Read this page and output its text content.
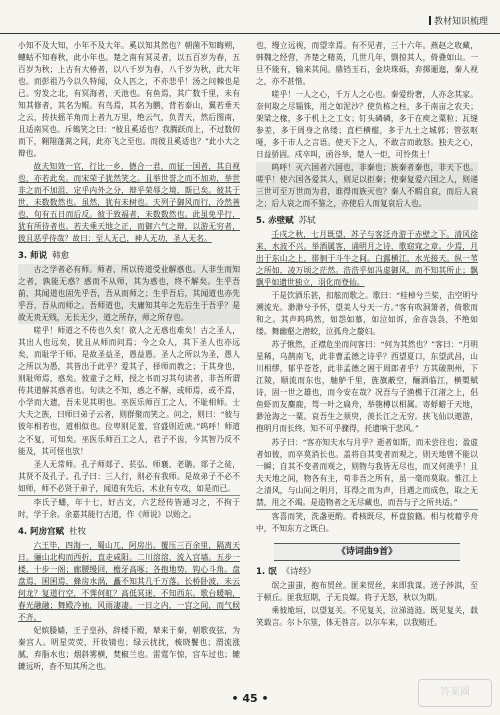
教材知识梳理

小知不及大知，小年不及大年。奚以知其然也？朝菌不知晦朔，蟪蛄不知春秋，此小年也。楚之南有冥灵者，以五百岁为春，五百岁为秋；上古有大椿者，以八千岁为春，八千岁为秋，此大年也。而彭祖乃今以久特闻，众人匹之，不亦悲乎！汤之问棘也是已。穷发之北，有冥海者，天池也。有鱼焉，其广数千里，未有知其修者，其名为鲲。有鸟焉，其名为鹏，背若泰山，翼若垂天之云，抟扶摇羊角而上者九万里，绝云气，负青天，然后图南，且适南冥也。斥鴳笑之曰：“彼且奚适也？我腾跃而上，不过数仞而下，翱翔蓬蒿之间，此亦飞之至也。而彼且奚适也？”此小大之辩也。

故夫知效一官，行比一乡，德合一君，而征一国者，其自视也，亦若此矣。而宋荣子犹然笑之。且举世誉之而不加劝，举世非之而不加沮，定乎内外之分，辩乎荣辱之境，斯已矣。彼其于世，未数数然也。虽然，犹有未树也。夫列子御风而行，泠然善也，旬有五日而后反。彼于致福者，未数数然也。此虽免乎行，犹有所待者也。若夫乘天地之正，而御六气之辩，以游无穷者，彼且恶乎待哉？故曰：至人无己，神人无功，圣人无名。

3. 师说 韩愈

古之学者必有师。师者，所以传道受业解惑也。人非生而知之者，孰能无惑？惑而不从师，其为惑也，终不解矣。生乎吾前，其闻道也固先乎吾，吾从而师之；生乎吾后，其闻道也亦先乎吾，吾从而师之。吾师道也，夫庸知其年之先后生于吾乎？是故无贵无贱，无长无少，道之所存，师之所存也。

嗟乎！师道之不传也久矣！欲人之无惑也难矣！古之圣人，其出人也远矣，犹且从师而问焉；今之众人，其下圣人也亦远矣，而耻学于师。是故圣益圣，愚益愚。圣人之所以为圣，愚人之所以为愚，其皆出于此乎？爱其子，择师而教之；于其身也，则耻师焉，惑矣。彼童子之师，授之书而习其句读者，非吾所谓传其道解其惑者也。句读之不知，惑之不解，或师焉，或不焉，小学而大遗，吾未见其明也。巫医乐师百工之人，不耻相师。士大夫之族，曰师曰弟子云者，则群聚而笑之。问之，则曰：“彼与彼年相若也，道相似也。位卑则足羞，官盛则近谀。”呜呼！师道之不复，可知矣。巫医乐师百工之人，君子不齿，今其智乃反不能及，其可怪也欤！

圣人无常师。孔子师郯子、苌弘、师襄、老聃。郯子之徒，其贤不及孔子。孔子曰：三人行，则必有我师。是故弟子不必不如师，师不必贤于弟子，闻道有先后，术业有专攻，如是而已。

李氏子蟠，年十七，好古文，六艺经传皆通习之，不拘于时，学于余。余嘉其能行古道，作《师说》以贻之。

4. 阿房宫赋 杜牧

六王毕，四海一，蜀山兀，阿房出。覆压三百余里，隔离天日。骊山北构而西折，直走咸阳。二川溶溶，流入宫墙。五步一楼，十步一阁；廊腰缦回，檐牙高啄；各抱地势，钩心斗角。盘盘焉，囷囷焉，蜂房水涡，矗不知其几千万落。长桥卧波，未云何龙？复道行空，不霁何虹？高低冥迷，不知西东。歌台暖响，春光融融；舞殿冷袖，风雨凄凄。一日之内，一宫之间，而气候不齐。

妃嫔媵嫱，王子皇孙，辞楼下殿，辇来于秦，朝歌夜弦，为秦宫人。明星荧荧，开妆镜也；绿云扰扰，梳晓鬟也；渭流涨腻，弃脂水也；烟斜雾横，焚椒兰也。雷霆乍惊，宫车过也；辘辘远听，杳不知其所之也。

也，缦立远视，而望幸焉。有不见者，三十六年。燕赵之收藏，韩魏之经营，齐楚之精英，几世几年，剽掠其人，倚叠如山。一旦不能有，输来其间。鼎铛玉石，金块珠砾，弃掷逦迤，秦人视之，亦不甚惜。

嗟乎！一人之心，千万人之心也。秦爱纷奢，人亦念其家。奈何取之尽锱铢，用之如泥沙？使负栋之柱，多于南亩之农夫；架梁之椽，多于机上之工女；钉头磷磷，多于在庾之粟粒；瓦缝参差，多于周身之帛缕；直栏横槛，多于九土之城郭；管弦呕哑，多于市人之言语。使天下之人，不敢言而敢怒。独夫之心，日益骄固。戍卒叫，函谷举，楚人一炬，可怜焦土！

呜呼！灭六国者六国也，非秦也；族秦者秦也，非天下也。嗟乎！使六国各爱其人，则足以拒秦；使秦复爱六国之人，则递三世可至万世而为君，谁得而族灭也？秦人不暇自哀，而后人哀之；后人哀之而不鉴之，亦使后人而复哀后人也。

5. 赤壁赋 苏轼

壬戌之秋，七月既望，苏子与客泛舟游于赤壁之下。清风徐来，水波不兴。举酒属客，诵明月之诗，歌窈窕之章。少焉，月出于东山之上，徘徊于斗牛之间。白露横江，水光接天。纵一苇之所如，凌万顷之茫然。浩浩乎如冯虚御风，而不知其所止；飘飘乎如遗世独立，羽化而登仙。

于是饮酒乐甚，扣舷而歌之。歌曰：“桂棹兮兰桨，击空明兮溯流光。渺渺兮予怀，望美人兮天一方。”客有吹洞箫者，倚歌而和之。其声呜呜然，如怨如慕，如泣如诉，余音袅袅，不绝如缕。舞幽壑之潜蛟，泣孤舟之嫠妇。

苏子愀然，正襟危坐而问客曰：“何为其然也？”客曰：“月明星稀，乌鹊南飞，此非曹孟德之诗乎？西望夏口，东望武昌，山川相缪，郁乎苍苍，此非孟德之困于周郎者乎？方其破荆州，下江陵，顺流而东也，舳舻千里，旌旗蔽空，酾酒临江，横槊赋诗，固一世之雄也，而今安在哉？况吾与子渔樵于江渚之上，侣鱼虾而友麋鹿，驾一叶之扁舟，举匏樽以相属。寄蜉蝣于天地，渺沧海之一粟。哀吾生之须臾，羡长江之无穷。挟飞仙以遨游，抱明月而长终。知不可乎骤得，托遗响于悲风。”

苏子曰：“客亦知夫水与月乎？逝者如斯，而未尝往也；盈虚者如彼，而卒莫消长也。盖将自其变者而观之，则天地曾不能以一瞬；自其不变者而观之，则物与我皆无尽也，而又何羡乎！且夫天地之间，物各有主，苟非吾之所有，虽一毫而莫取。惟江上之清风，与山间之明月，耳得之而为声，目遇之而成色，取之无禁，用之不竭。是造物者之无尽藏也，而吾与子之所共适。”

客喜而笑，洗盏更酌。肴核既尽，杯盘狼籍。相与枕藉乎舟中，不知东方之既白。

《诗词曲9首》
1. 氓 《诗经》

氓之蚩蚩，抱布贸丝。匪来贸丝，来即我谋。送子涉淇，至于顿丘。匪我愆期，子无良媒。将子无怒，秋以为期。

乘彼垝垣，以望复关。不见复关，泣涕涟涟。既见复关，载笑载言。尔卜尔筮，体无咎言。以尔车来，以我贿迁。

• 45 •	答案圈
